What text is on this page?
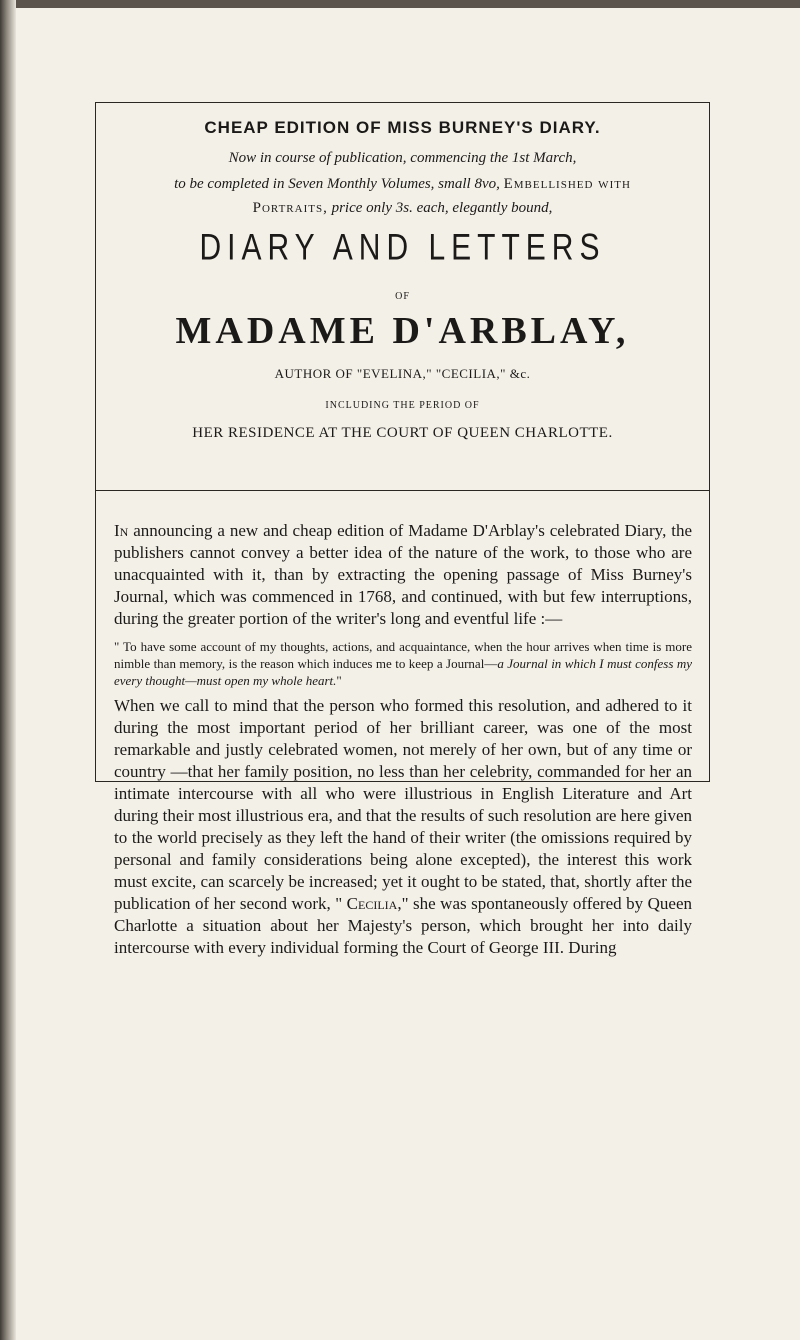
CHEAP EDITION OF MISS BURNEY'S DIARY.
Now in course of publication, commencing the 1st March,
to be completed in Seven Monthly Volumes, small 8vo, Embellished with
Portraits, price only 3s. each, elegantly bound,
DIARY AND LETTERS
OF
MADAME D'ARBLAY,
AUTHOR OF "EVELINA," "CECILIA," &c.
INCLUDING THE PERIOD OF
HER RESIDENCE AT THE COURT OF QUEEN CHARLOTTE.

In announcing a new and cheap edition of Madame D'Arblay's celebrated Diary, the publishers cannot convey a better idea of the nature of the work, to those who are unacquainted with it, than by extracting the opening passage of Miss Burney's Journal, which was commenced in 1768, and continued, with but few interruptions, during the greater portion of the writer's long and eventful life :—

" To have some account of my thoughts, actions, and acquaintance, when the hour arrives when time is more nimble than memory, is the reason which induces me to keep a Journal—a Journal in which I must confess my every thought—must open my whole heart."

When we call to mind that the person who formed this resolution, and adhered to it during the most important period of her brilliant career, was one of the most remarkable and justly celebrated women, not merely of her own, but of any time or country —that her family position, no less than her celebrity, commanded for her an intimate intercourse with all who were illustrious in English Literature and Art during their most illustrious era, and that the results of such resolution are here given to the world precisely as they left the hand of their writer (the omissions required by personal and family considerations being alone excepted), the interest this work must excite, can scarcely be increased; yet it ought to be stated, that, shortly after the publication of her second work, " Cecilia," she was spontaneously offered by Queen Charlotte a situation about her Majesty's person, which brought her into daily intercourse with every individual forming the Court of George III. During
